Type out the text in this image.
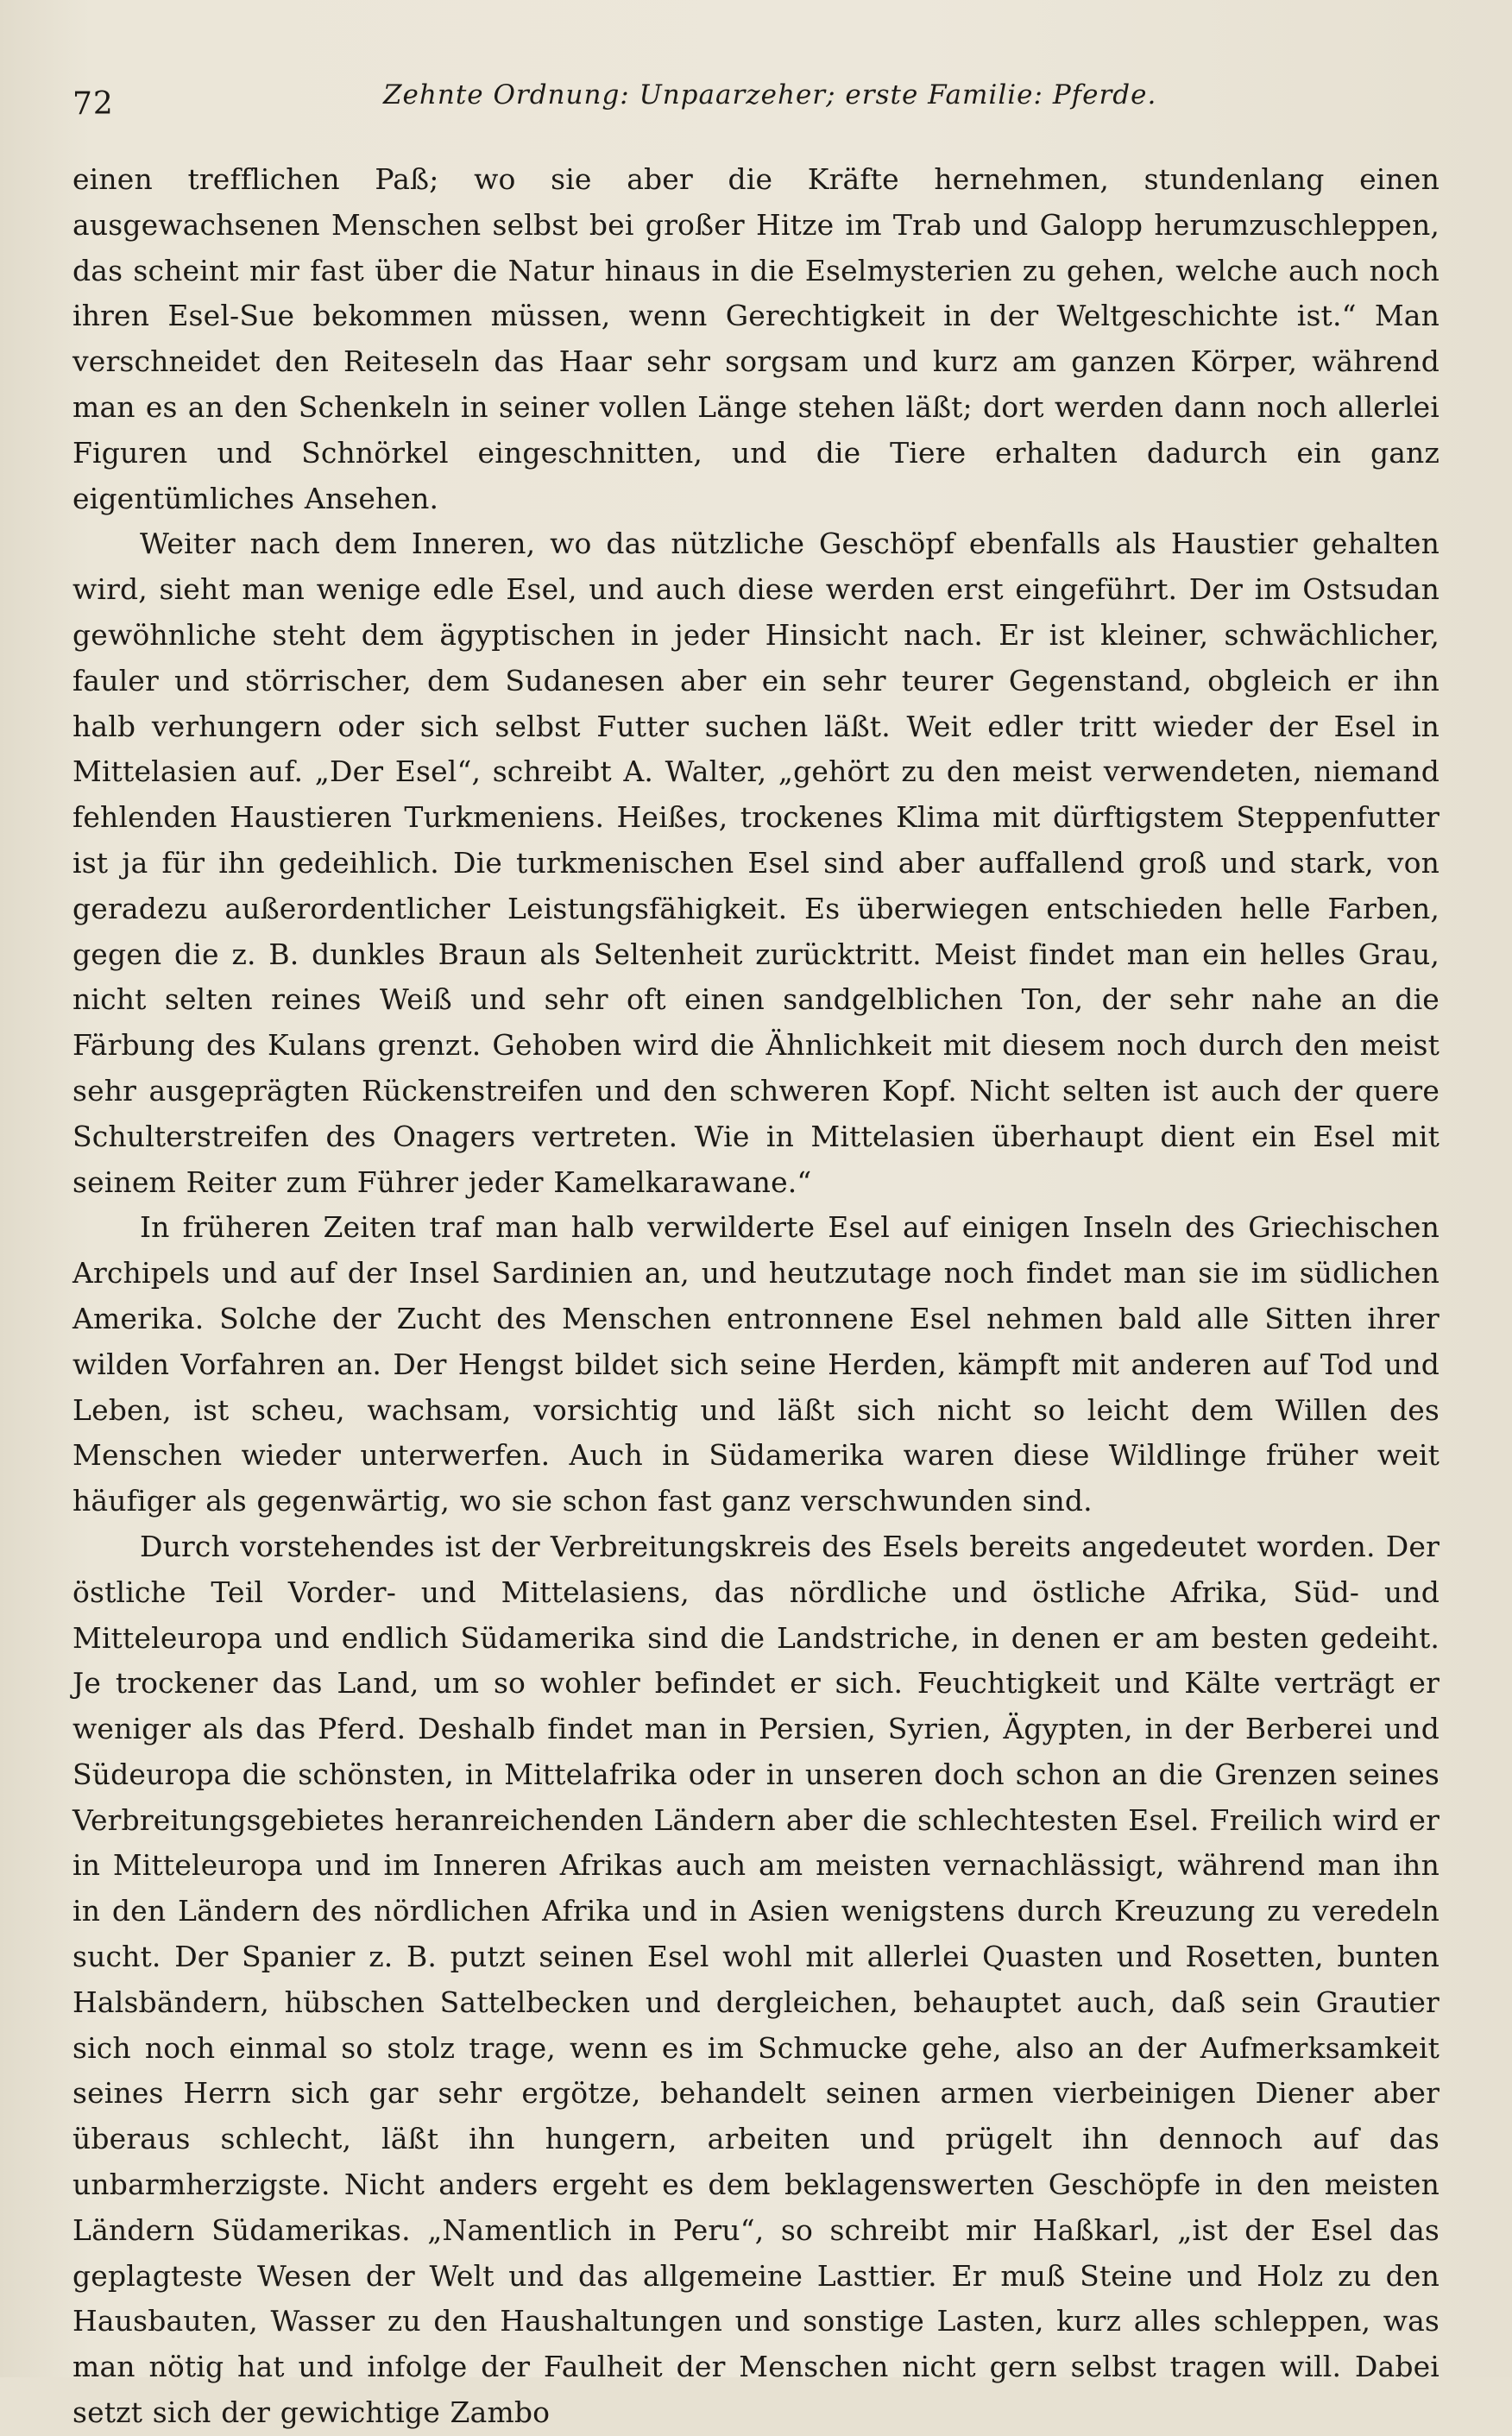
72	Zehnte Ordnung: Unpaarzeher; erste Familie: Pferde.

einen trefflichen Paß; wo sie aber die Kräfte hernehmen, stundenlang einen ausgewachsenen Menschen selbst bei großer Hitze im Trab und Galopp herumzuschleppen, das scheint mir fast über die Natur hinaus in die Eselmysterien zu gehen, welche auch noch ihren Esel-Sue bekommen müssen, wenn Gerechtigkeit in der Weltgeschichte ist.“ Man verschneidet den Reiteseln das Haar sehr sorgsam und kurz am ganzen Körper, während man es an den Schenkeln in seiner vollen Länge stehen läßt; dort werden dann noch allerlei Figuren und Schnörkel eingeschnitten, und die Tiere erhalten dadurch ein ganz eigentümliches Ansehen.

Weiter nach dem Inneren, wo das nützliche Geschöpf ebenfalls als Haustier gehalten wird, sieht man wenige edle Esel, und auch diese werden erst eingeführt. Der im Ostsudan gewöhnliche steht dem ägyptischen in jeder Hinsicht nach. Er ist kleiner, schwächlicher, fauler und störrischer, dem Sudanesen aber ein sehr teurer Gegenstand, obgleich er ihn halb verhungern oder sich selbst Futter suchen läßt. Weit edler tritt wieder der Esel in Mittelasien auf. „Der Esel“, schreibt A. Walter, „gehört zu den meist verwendeten, niemand fehlenden Haustieren Turkmeniens. Heißes, trockenes Klima mit dürftigstem Steppenfutter ist ja für ihn gedeihlich. Die turkmenischen Esel sind aber auffallend groß und stark, von geradezu außerordentlicher Leistungsfähigkeit. Es überwiegen entschieden helle Farben, gegen die z. B. dunkles Braun als Seltenheit zurücktritt. Meist findet man ein helles Grau, nicht selten reines Weiß und sehr oft einen sandgelblichen Ton, der sehr nahe an die Färbung des Kulans grenzt. Gehoben wird die Ähnlichkeit mit diesem noch durch den meist sehr ausgeprägten Rückenstreifen und den schweren Kopf. Nicht selten ist auch der quere Schulterstreifen des Onagers vertreten. Wie in Mittelasien überhaupt dient ein Esel mit seinem Reiter zum Führer jeder Kamelkarawane.“

In früheren Zeiten traf man halb verwilderte Esel auf einigen Inseln des Griechischen Archipels und auf der Insel Sardinien an, und heutzutage noch findet man sie im südlichen Amerika. Solche der Zucht des Menschen entronnene Esel nehmen bald alle Sitten ihrer wilden Vorfahren an. Der Hengst bildet sich seine Herden, kämpft mit anderen auf Tod und Leben, ist scheu, wachsam, vorsichtig und läßt sich nicht so leicht dem Willen des Menschen wieder unterwerfen. Auch in Südamerika waren diese Wildlinge früher weit häufiger als gegenwärtig, wo sie schon fast ganz verschwunden sind.

Durch vorstehendes ist der Verbreitungskreis des Esels bereits angedeutet worden. Der östliche Teil Vorder- und Mittelasiens, das nördliche und östliche Afrika, Süd- und Mitteleuropa und endlich Südamerika sind die Landstriche, in denen er am besten gedeiht. Je trockener das Land, um so wohler befindet er sich. Feuchtigkeit und Kälte verträgt er weniger als das Pferd. Deshalb findet man in Persien, Syrien, Ägypten, in der Berberei und Südeuropa die schönsten, in Mittelafrika oder in unseren doch schon an die Grenzen seines Verbreitungsgebietes heranreichenden Ländern aber die schlechtesten Esel. Freilich wird er in Mitteleuropa und im Inneren Afrikas auch am meisten vernachlässigt, während man ihn in den Ländern des nördlichen Afrika und in Asien wenigstens durch Kreuzung zu veredeln sucht. Der Spanier z. B. putzt seinen Esel wohl mit allerlei Quasten und Rosetten, bunten Halsbändern, hübschen Sattelbecken und dergleichen, behauptet auch, daß sein Grautier sich noch einmal so stolz trage, wenn es im Schmucke gehe, also an der Aufmerksamkeit seines Herrn sich gar sehr ergötze, behandelt seinen armen vierbeinigen Diener aber überaus schlecht, läßt ihn hungern, arbeiten und prügelt ihn dennoch auf das unbarmherzigste. Nicht anders ergeht es dem beklagenswerten Geschöpfe in den meisten Ländern Südamerikas. „Namentlich in Peru“, so schreibt mir Haßkarl, „ist der Esel das geplagteste Wesen der Welt und das allgemeine Lasttier. Er muß Steine und Holz zu den Hausbauten, Wasser zu den Haushaltungen und sonstige Lasten, kurz alles schleppen, was man nötig hat und infolge der Faulheit der Menschen nicht gern selbst tragen will. Dabei setzt sich der gewichtige Zambo
